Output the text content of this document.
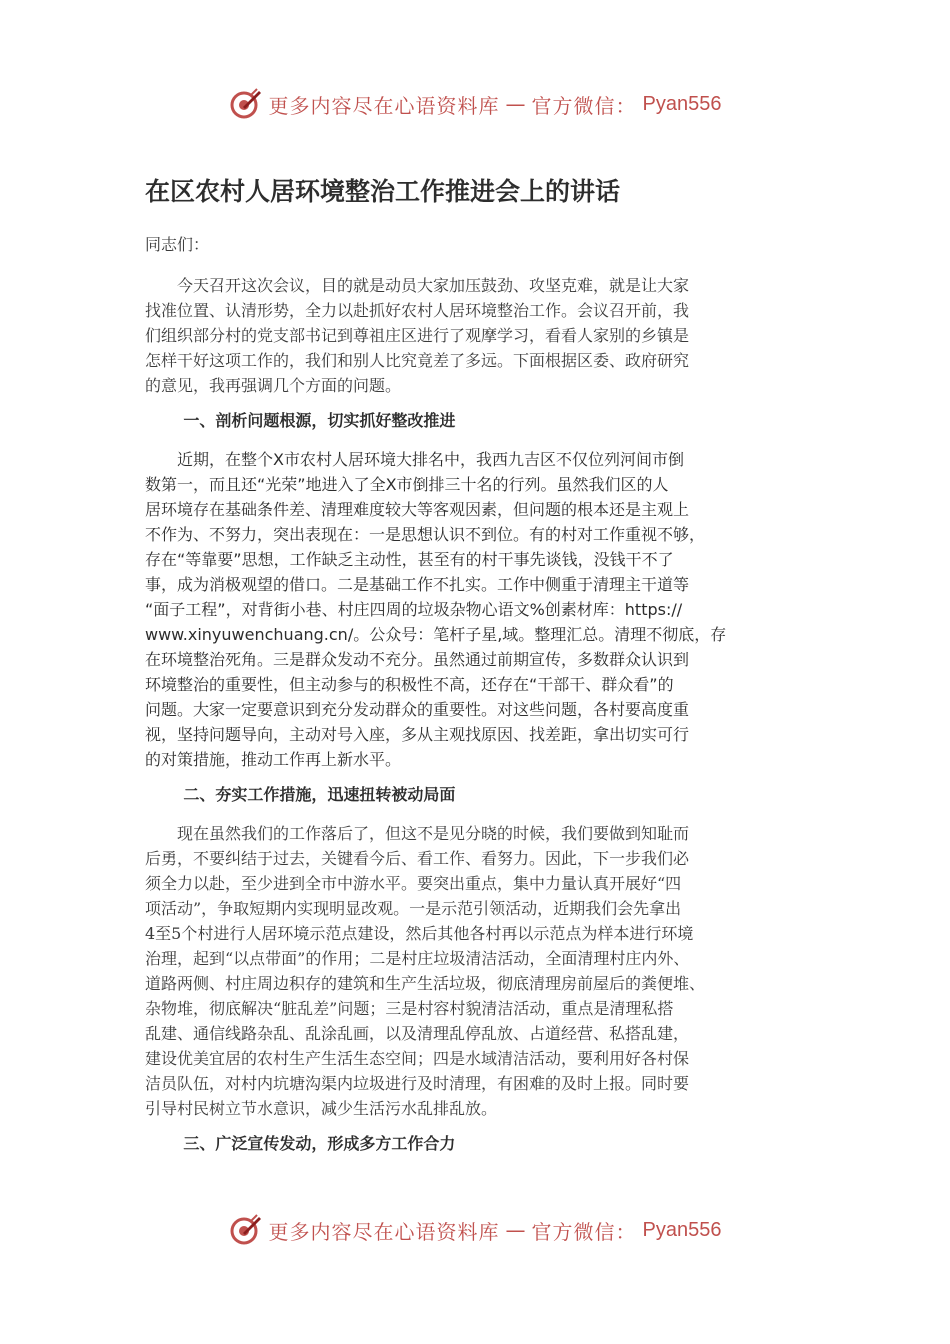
更多内容尽在心语资料库 — 官方微信： Pyan556
在区农村人居环境整治工作推进会上的讲话

同志们：

今天召开这次会议，目的就是动员大家加压鼓劲、攻坚克难，就是让大家
找准位置、认清形势，全力以赴抓好农村人居环境整治工作。会议召开前，我
们组织部分村的党支部书记到尊祖庄区进行了观摩学习，看看人家别的乡镇是
怎样干好这项工作的，我们和别人比究竟差了多远。下面根据区委、政府研究
的意见，我再强调几个方面的问题。

一、剖析问题根源，切实抓好整改推进

近期，在整个X市农村人居环境大排名中，我西九吉区不仅位列河间市倒
数第一，而且还“光荣”地进入了全X市倒排三十名的行列。虽然我们区的人
居环境存在基础条件差、清理难度较大等客观因素，但问题的根本还是主观上
不作为、不努力，突出表现在：一是思想认识不到位。有的村对工作重视不够，
存在“等靠要”思想，工作缺乏主动性，甚至有的村干事先谈钱，没钱干不了
事，成为消极观望的借口。二是基础工作不扎实。工作中侧重于清理主干道等
“面子工程”，对背街小巷、村庄四周的垃圾杂物心语文%创素材库：https://
www.xinyuwenchuang.cn/。公众号：笔杆子星,域。整理汇总。清理不彻底，存
在环境整治死角。三是群众发动不充分。虽然通过前期宣传，多数群众认识到
环境整治的重要性，但主动参与的积极性不高，还存在“干部干、群众看”的
问题。大家一定要意识到充分发动群众的重要性。对这些问题，各村要高度重
视，坚持问题导向，主动对号入座，多从主观找原因、找差距，拿出切实可行
的对策措施，推动工作再上新水平。

二、夯实工作措施，迅速扭转被动局面

现在虽然我们的工作落后了，但这不是见分晓的时候，我们要做到知耻而
后勇，不要纠结于过去，关键看今后、看工作、看努力。因此，下一步我们必
须全力以赴，至少进到全市中游水平。要突出重点，集中力量认真开展好“四
项活动”，争取短期内实现明显改观。一是示范引领活动，近期我们会先拿出
4至5个村进行人居环境示范点建设，然后其他各村再以示范点为样本进行环境
治理，起到“以点带面”的作用；二是村庄垃圾清洁活动，全面清理村庄内外、
道路两侧、村庄周边积存的建筑和生产生活垃圾，彻底清理房前屋后的粪便堆、
杂物堆，彻底解决“脏乱差”问题；三是村容村貌清洁活动，重点是清理私搭
乱建、通信线路杂乱、乱涂乱画，以及清理乱停乱放、占道经营、私搭乱建，
建设优美宜居的农村生产生活生态空间；四是水域清洁活动，要利用好各村保
洁员队伍，对村内坑塘沟渠内垃圾进行及时清理，有困难的及时上报。同时要
引导村民树立节水意识，减少生活污水乱排乱放。

三、广泛宣传发动，形成多方工作合力

更多内容尽在心语资料库 — 官方微信： Pyan556
